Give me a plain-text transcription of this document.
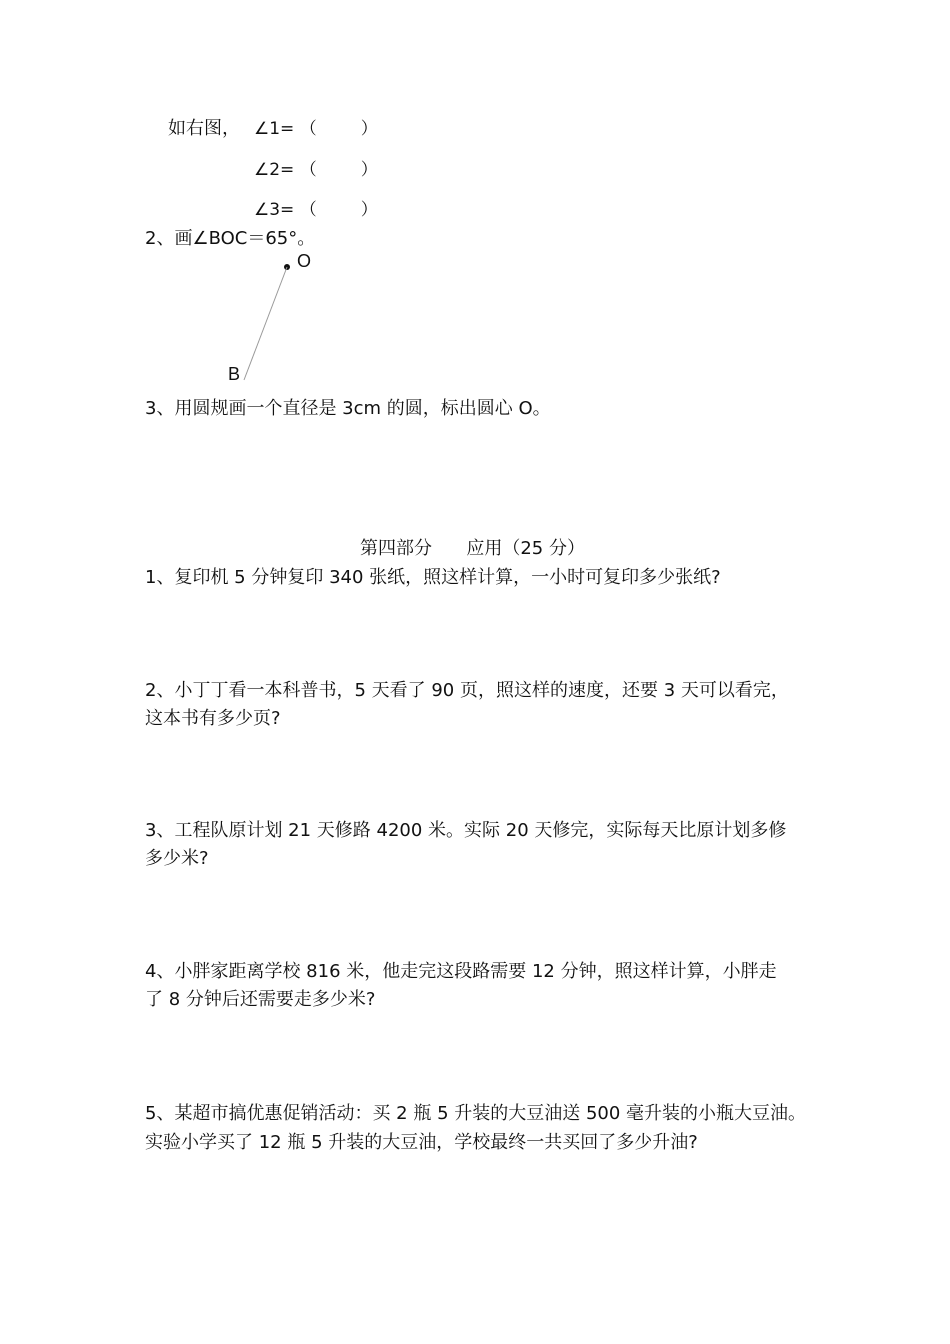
如右图， ∠1= （	）
∠2= （	）
∠3= （	）
2、画∠BOC＝65°。
O
B
3、用圆规画一个直径是 3cm 的圆，标出圆心 O。
第四部分      应用（25 分）
1、复印机 5 分钟复印 340 张纸，照这样计算，一小时可复印多少张纸?
2、小丁丁看一本科普书，5 天看了 90 页，照这样的速度，还要 3 天可以看完，
这本书有多少页?
3、工程队原计划 21 天修路 4200 米。实际 20 天修完，实际每天比原计划多修
多少米?
4、小胖家距离学校 816 米，他走完这段路需要 12 分钟，照这样计算，小胖走
了 8 分钟后还需要走多少米?
5、某超市搞优惠促销活动：买 2 瓶 5 升装的大豆油送 500 毫升装的小瓶大豆油。
实验小学买了 12 瓶 5 升装的大豆油，学校最终一共买回了多少升油?
